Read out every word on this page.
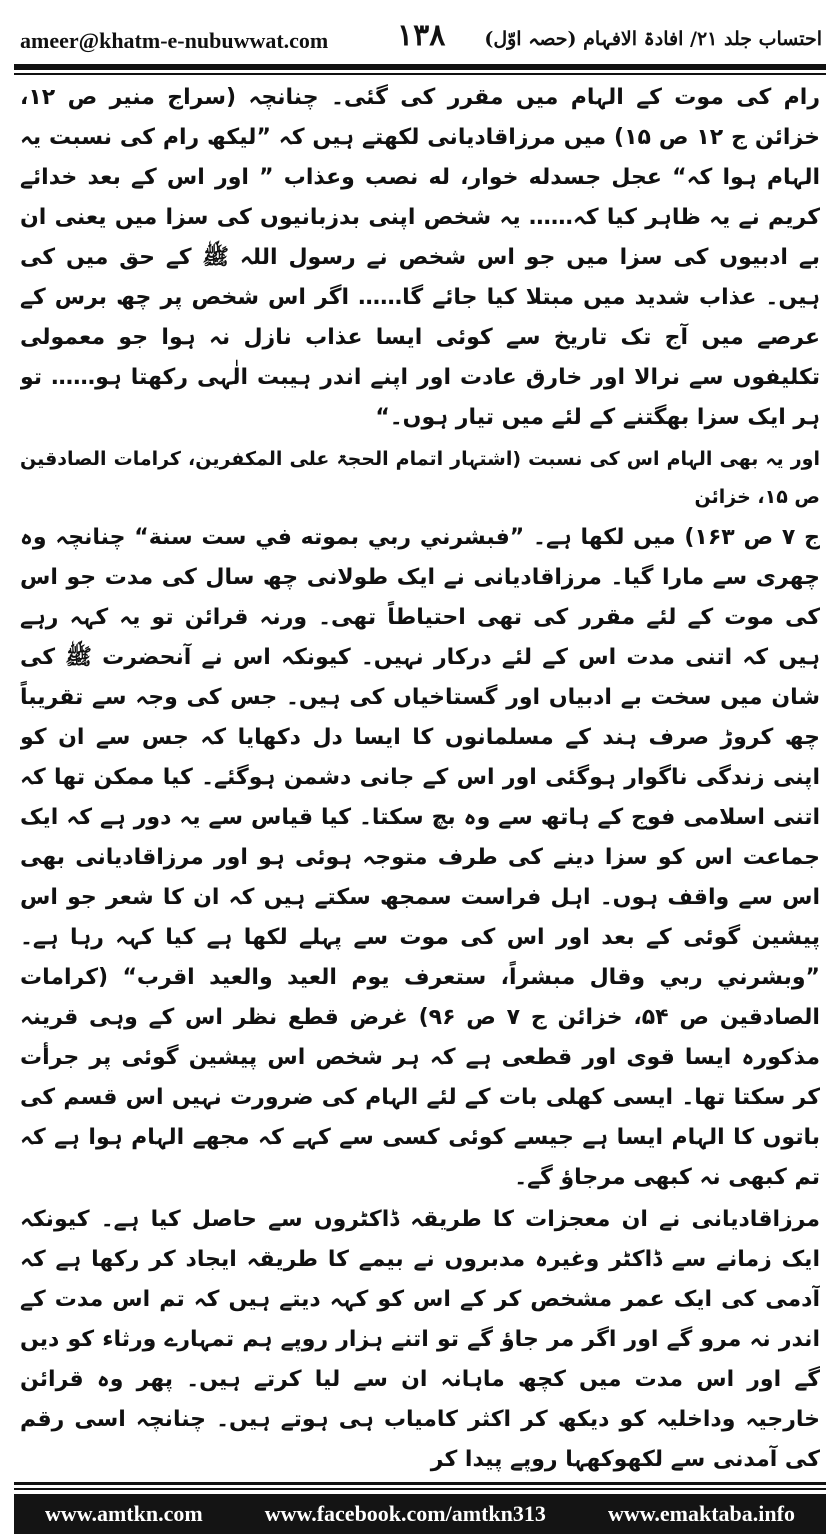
ameer@khatm-e-nubuwwat.com ۱۳۸ احتساب جلد ۲۱/ افادۃ الافہام (حصہ اوّل)

رام کی موت کے الہام میں مقرر کی گئی۔ چنانچہ (سراج منیر ص ۱۲، خزائن ج ۱۲ ص ۱۵) میں مرزاقادیانی لکھتے ہیں کہ ”لیکھ رام کی نسبت یہ الہام ہوا کہ“ عجل جسدله خوار، له نصب وعذاب ” اور اس کے بعد خدائے کریم نے یہ ظاہر کیا کہ…… یہ شخص اپنی بدزبانیوں کی سزا میں یعنی ان بے ادبیوں کی سزا میں جو اس شخص نے رسول اللہ ﷺ کے حق میں کی ہیں۔ عذاب شدید میں مبتلا کیا جائے گا…… اگر اس شخص پر چھ برس کے عرصے میں آج تک تاریخ سے کوئی ایسا عذاب نازل نہ ہوا جو معمولی تکلیفوں سے نرالا اور خارق عادت اور اپنے اندر ہیبت الٰہی رکھتا ہو…… تو ہر ایک سزا بھگتنے کے لئے میں تیار ہوں۔“

اور یہ بھی الہام اس کی نسبت (اشتہار اتمام الحجۃ علی المکفرین، کرامات الصادقین ص ۱۵، خزائن

ج ۷ ص ۱۶۳) میں لکھا ہے۔ ”فبشرني ربي بموته في ست سنة“ چنانچہ وہ چھری سے مارا گیا۔ مرزاقادیانی نے ایک طولانی چھ سال کی مدت جو اس کی موت کے لئے مقرر کی تھی احتیاطاً تھی۔ ورنہ قرائن تو یہ کہہ رہے ہیں کہ اتنی مدت اس کے لئے درکار نہیں۔ کیونکہ اس نے آنحضرت ﷺ کی شان میں سخت بے ادبیاں اور گستاخیاں کی ہیں۔ جس کی وجہ سے تقریباً چھ کروڑ صرف ہند کے مسلمانوں کا ایسا دل دکھایا کہ جس سے ان کو اپنی زندگی ناگوار ہوگئی اور اس کے جانی دشمن ہوگئے۔ کیا ممکن تھا کہ اتنی اسلامی فوج کے ہاتھ سے وہ بچ سکتا۔ کیا قیاس سے یہ دور ہے کہ ایک جماعت اس کو سزا دینے کی طرف متوجہ ہوئی ہو اور مرزاقادیانی بھی اس سے واقف ہوں۔ اہل فراست سمجھ سکتے ہیں کہ ان کا شعر جو اس پیشین گوئی کے بعد اور اس کی موت سے پہلے لکھا ہے کیا کہہ رہا ہے۔ ”وبشرني ربي وقال مبشراً، ستعرف يوم العيد والعيد اقرب“ (کرامات الصادقین ص ۵۴، خزائن ج ۷ ص ۹۶) غرض قطع نظر اس کے وہی قرینہ مذکورہ ایسا قوی اور قطعی ہے کہ ہر شخص اس پیشین گوئی پر جرأت کر سکتا تھا۔ ایسی کھلی بات کے لئے الہام کی ضرورت نہیں اس قسم کی باتوں کا الہام ایسا ہے جیسے کوئی کسی سے کہے کہ مجھے الہام ہوا ہے کہ تم کبھی نہ کبھی مرجاؤ گے۔

مرزاقادیانی نے ان معجزات کا طریقہ ڈاکٹروں سے حاصل کیا ہے۔ کیونکہ ایک زمانے سے ڈاکٹر وغیرہ مدبروں نے بیمے کا طریقہ ایجاد کر رکھا ہے کہ آدمی کی ایک عمر مشخص کر کے اس کو کہہ دیتے ہیں کہ تم اس مدت کے اندر نہ مرو گے اور اگر مر جاؤ گے تو اتنے ہزار روپے ہم تمہارے ورثاء کو دیں گے اور اس مدت میں کچھ ماہانہ ان سے لیا کرتے ہیں۔ پھر وہ قرائن خارجیہ وداخلیہ کو دیکھ کر اکثر کامیاب ہی ہوتے ہیں۔ چنانچہ اسی رقم کی آمدنی سے لکھوکھہا روپے پیدا کر

www.amtkn.com	www.facebook.com/amtkn313	www.emaktaba.info
